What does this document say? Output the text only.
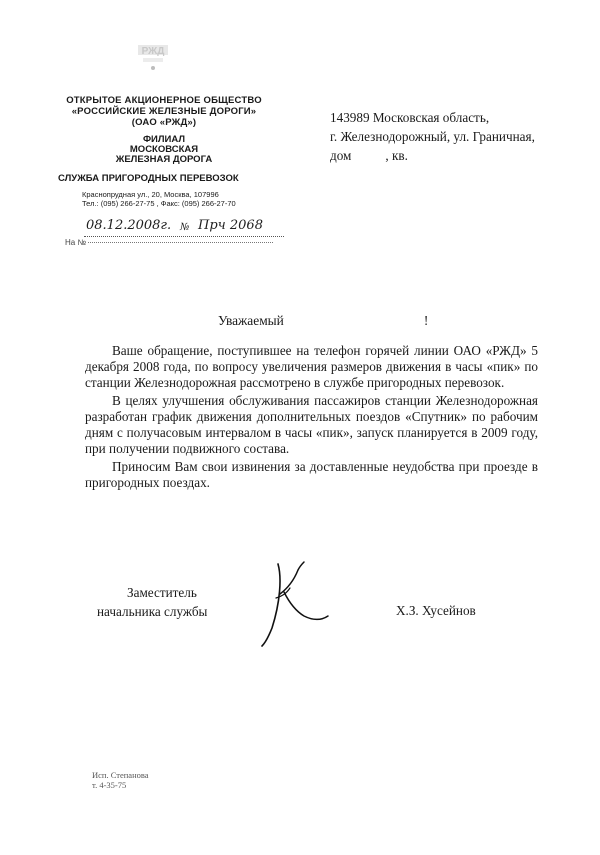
РЖД
ОТКРЫТОЕ АКЦИОНЕРНОЕ ОБЩЕСТВО
«РОССИЙСКИЕ ЖЕЛЕЗНЫЕ ДОРОГИ»
(ОАО «РЖД»)
ФИЛИАЛ
МОСКОВСКАЯ
ЖЕЛЕЗНАЯ ДОРОГА
СЛУЖБА ПРИГОРОДНЫХ ПЕРЕВОЗОК
Краснопрудная ул., 20, Москва, 107996
Тел.: (095) 266-27-75 , Факс: (095) 266-27-70
08.12.2008г. № Прч 2068
На №
143989 Московская область,
г. Железнодорожный, ул. Граничная,
дом	, кв.
Уважаемый	!

Ваше обращение, поступившее на телефон горячей линии ОАО «РЖД» 5 декабря 2008 года, по вопросу увеличения размеров движения в часы «пик» по станции Железнодорожная рассмотрено в службе пригородных перевозок.

В целях улучшения обслуживания пассажиров станции Железнодорожная разработан график движения дополнительных поездов «Спутник» по рабочим дням с получасовым интервалом в часы «пик», запуск планируется в 2009 году, при получении подвижного состава.

Приносим Вам свои извинения за доставленные неудобства при проезде в пригородных поездах.

Заместитель
начальника службы	Х.З. Хусейнов
Исп. Степанова
т. 4-35-75
